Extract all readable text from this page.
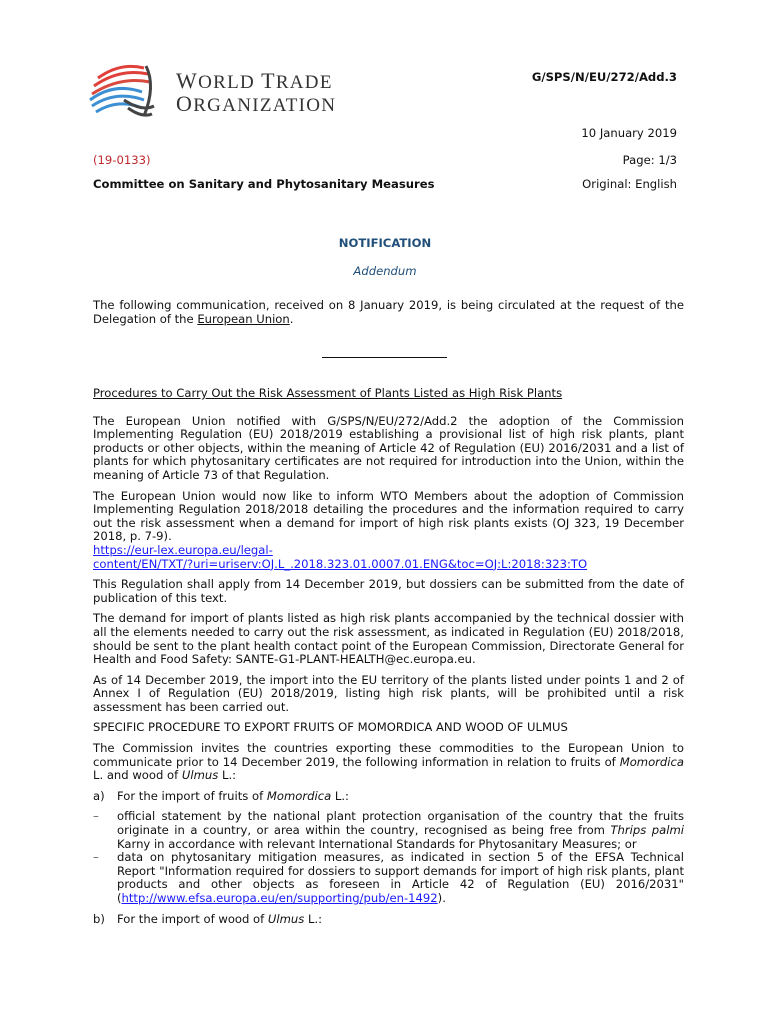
WORLD TRADE
ORGANIZATION
G/SPS/N/EU/272/Add.3
10 January 2019
(19-0133)	Page: 1/3
Committee on Sanitary and Phytosanitary Measures	Original: English
NOTIFICATION
Addendum

The following communication, received on 8 January 2019, is being circulated at the request of the Delegation of the European Union.

Procedures to Carry Out the Risk Assessment of Plants Listed as High Risk Plants

The European Union notified with G/SPS/N/EU/272/Add.2 the adoption of the Commission Implementing Regulation (EU) 2018/2019 establishing a provisional list of high risk plants, plant products or other objects, within the meaning of Article 42 of Regulation (EU) 2016/2031 and a list of plants for which phytosanitary certificates are not required for introduction into the Union, within the meaning of Article 73 of that Regulation.

The European Union would now like to inform WTO Members about the adoption of Commission Implementing Regulation 2018/2018 detailing the procedures and the information required to carry out the risk assessment when a demand for import of high risk plants exists (OJ 323, 19 December 2018, p. 7-9).
https://eur-lex.europa.eu/legal-
content/EN/TXT/?uri=uriserv:OJ.L_.2018.323.01.0007.01.ENG&toc=OJ:L:2018:323:TO

This Regulation shall apply from 14 December 2019, but dossiers can be submitted from the date of publication of this text.

The demand for import of plants listed as high risk plants accompanied by the technical dossier with all the elements needed to carry out the risk assessment, as indicated in Regulation (EU) 2018/2018, should be sent to the plant health contact point of the European Commission, Directorate General for Health and Food Safety: SANTE-G1-PLANT-HEALTH@ec.europa.eu.

As of 14 December 2019, the import into the EU territory of the plants listed under points 1 and 2 of Annex I of Regulation (EU) 2018/2019, listing high risk plants, will be prohibited until a risk assessment has been carried out.

SPECIFIC PROCEDURE TO EXPORT FRUITS OF MOMORDICA AND WOOD OF ULMUS

The Commission invites the countries exporting these commodities to the European Union to communicate prior to 14 December 2019, the following information in relation to fruits of Momordica L. and wood of Ulmus L.:

a)	For the import of fruits of Momordica L.:
–	official statement by the national plant protection organisation of the country that the fruits originate in a country, or area within the country, recognised as being free from Thrips palmi Karny in accordance with relevant International Standards for Phytosanitary Measures; or
–	data on phytosanitary mitigation measures, as indicated in section 5 of the EFSA Technical Report "Information required for dossiers to support demands for import of high risk plants, plant products and other objects as foreseen in Article 42 of Regulation (EU) 2016/2031" (http://www.efsa.europa.eu/en/supporting/pub/en-1492).
b)	For the import of wood of Ulmus L.:
